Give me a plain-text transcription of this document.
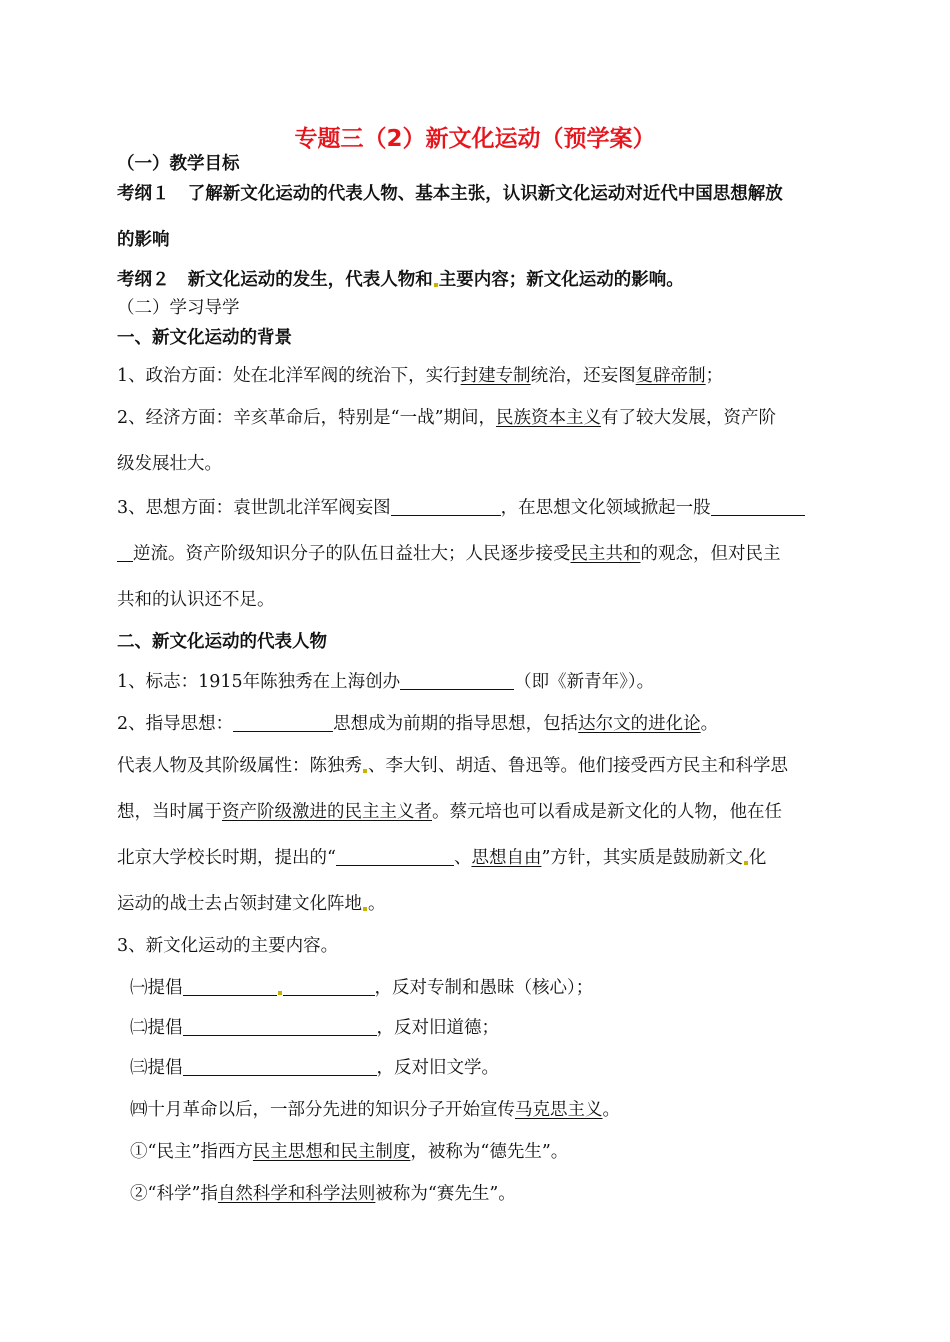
专题三（2）新文化运动（预学案）
（一）教学目标
考纲１ 了解新文化运动的代表人物、基本主张，认识新文化运动对近代中国思想解放
的影响
考纲２ 新文化运动的发生，代表人物和 主要内容；新文化运动的影响。
（二）学习导学
一、新文化运动的背景
1、政治方面：处在北洋军阀的统治下，实行封建专制统治，还妄图复辟帝制；
2、经济方面：辛亥革命后，特别是“一战”期间，民族资本主义有了较大发展，资产阶
级发展壮大。
3、思想方面：袁世凯北洋军阀妄图	，在思想文化领域掀起一股
逆流。资产阶级知识分子的队伍日益壮大；人民逐步接受民主共和的观念，但对民主
共和的认识还不足。
二、新文化运动的代表人物
1、标志：1915年陈独秀在上海创办	（即《新青年》）。
2、指导思想：	思想成为前期的指导思想，包括达尔文的进化论。
代表人物及其阶级属性：陈独秀 、李大钊、胡适、鲁迅等。他们接受西方民主和科学思
想，当时属于资产阶级激进的民主主义者。蔡元培也可以看成是新文化的人物，他在任
北京大学校长时期，提出的“	、思想自由”方针，其实质是鼓励新文 化
运动的战士去占领封建文化阵地 。
3、新文化运动的主要内容。
㈠提倡	，反对专制和愚昧（核心）；
㈡提倡	，反对旧道德；
㈢提倡	，反对旧文学。
㈣十月革命以后，一部分先进的知识分子开始宣传马克思主义。
①“民主”指西方民主思想和民主制度，被称为“德先生”。
②“科学”指自然科学和科学法则被称为“赛先生”。
